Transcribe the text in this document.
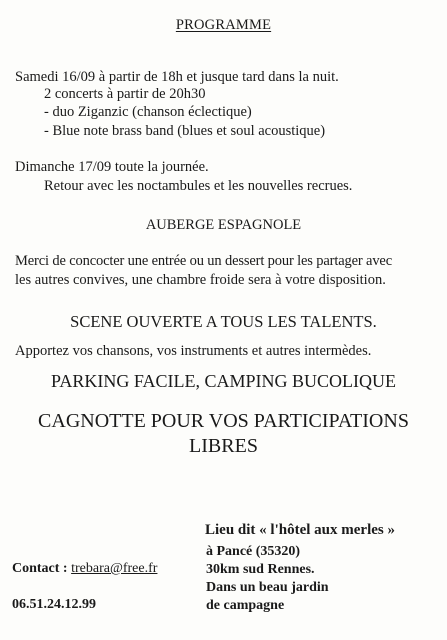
PROGRAMME
Samedi 16/09 à partir de 18h et jusque tard dans la nuit.
2 concerts à partir de 20h30
- duo Ziganzic (chanson éclectique)
- Blue note brass band (blues et soul acoustique)
Dimanche 17/09 toute la journée.
Retour avec les noctambules et les nouvelles recrues.
AUBERGE ESPAGNOLE
Merci de concocter une entrée ou un dessert pour les partager avec
les autres convives, une chambre froide sera à votre disposition.
SCENE OUVERTE A TOUS LES TALENTS.
Apportez vos chansons, vos instruments et autres intermèdes.
PARKING FACILE, CAMPING BUCOLIQUE
CAGNOTTE POUR VOS PARTICIPATIONS
LIBRES
Lieu dit « l'hôtel aux merles »
à Pancé (35320)
30km sud Rennes.
Dans un beau jardin
de campagne
Contact : trebara@free.fr
06.51.24.12.99
